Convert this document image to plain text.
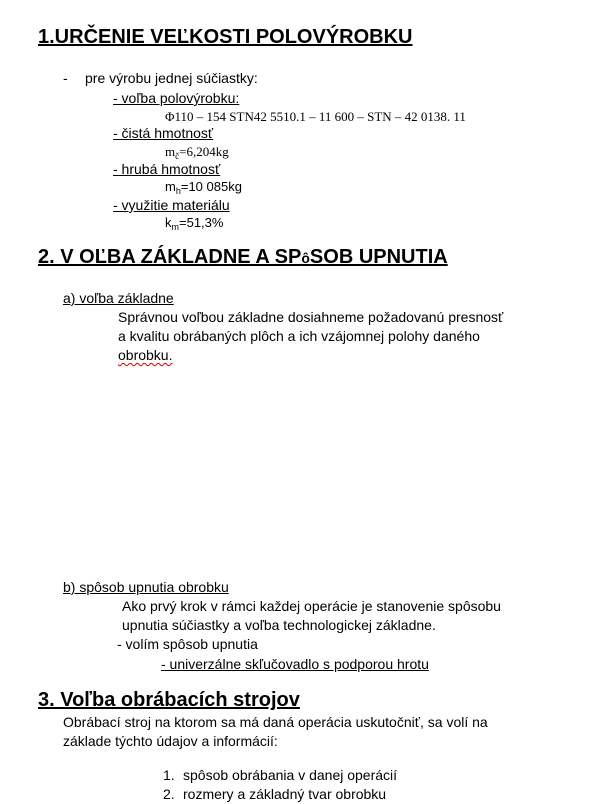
1.URČENIE VEĽKOSTI POLOVÝROBKU
- pre výrobu jednej súčiastky:
- voľba polovýrobku:
Φ110 – 154 STN42 5510.1 – 11 600 – STN – 42 0138. 11
- čistá hmotnosť
$m_č=6,204kg$
- hrubá hmotnosť
$m_h=10$ 085kg
- využitie materiálu
$k_m=51,3\%$
2. V OĽBA ZÁKLADNE A SPôSOB UPNUTIA
a) voľba základne
Správnou voľbou základne dosiahneme požadovanú presnosť
a kvalitu obrábaných plôch a ich vzájomnej polohy daného
obrobku.
b) spôsob upnutia obrobku
Ako prvý krok v rámci každej operácie je stanovenie spôsobu
upnutia súčiastky a voľba technologickej základne.
- volím spôsob upnutia
- univerzálne skľučovadlo s podporou hrotu
3. Voľba obrábacích strojov
Obrábací stroj na ktorom sa má daná operácia uskutočniť, sa volí na
základe týchto údajov a informácií:
1. spôsob obrábania v danej operácií
2. rozmery a základný tvar obrobku
